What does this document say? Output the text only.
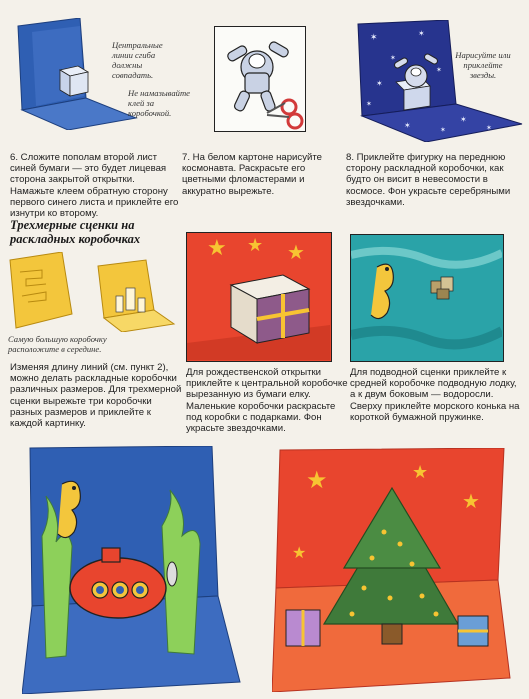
Центральные линии сгиба должны совпадать.
Не намазывайте клей за коробочкой.
✶
✶
✶
✶
✶
✶
✶
✶
✶
✶
Нарисуйте или приклейте звезды.
6. Сложите пополам второй лист синей бумаги — это будет лицевая сторона закрытой открытки. Намажьте клеем обратную сторону первого синего листа и приклейте его изнутри ко второму.
7. На белом картоне нарисуйте космонавта. Раскрасьте его цветными фломастерами и аккуратно вырежьте.
8. Приклейте фигурку на переднюю сторону раскладной коробочки, как будто он висит в невесомости в космосе. Фон украсьте серебряными звездочками.
Трехмерные сценки на раскладных коробочках
Самую большую коробочку расположите в середине.
★ ★ ★
Изменяя длину линий (см. пункт 2), можно делать раскладные коробочки различных размеров. Для трехмерной сценки вырежьте три коробочки разных размеров и приклейте к каждой картинку.
Для рождественской открытки приклейте к центральной коробочке вырезанную из бумаги елку. Маленькие коробочки раскрасьте под коробки с подарками. Фон украсьте звездочками.
Для подводной сценки приклейте к средней коробочке подводную лодку, а к двум боковым — водоросли. Сверху приклейте морского конька на короткой бумажной пружинке.
★	★
★
★
